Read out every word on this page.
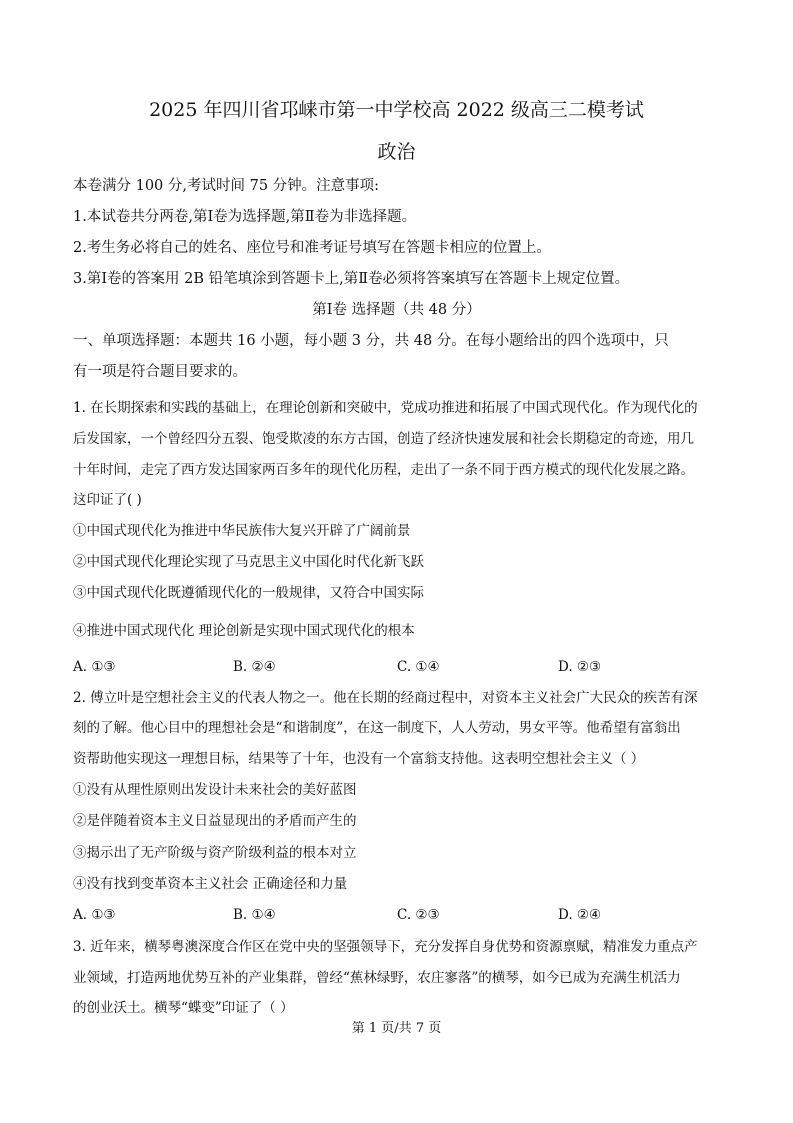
2025 年四川省邛崃市第一中学校高 2022 级高三二模考试
政治
本卷满分 100 分,考试时间 75 分钟。注意事项:
1.本试卷共分两卷,第Ⅰ卷为选择题,第Ⅱ卷为非选择题。
2.考生务必将自己的姓名、座位号和准考证号填写在答题卡相应的位置上。
3.第Ⅰ卷的答案用 2B 铅笔填涂到答题卡上,第Ⅱ卷必须将答案填写在答题卡上规定位置。
第Ⅰ卷 选择题（共 48 分）
一、单项选择题：本题共 16 小题，每小题 3 分，共 48 分。在每小题给出的四个选项中，只
有一项是符合题目要求的。
1. 在长期探索和实践的基础上，在理论创新和突破中，党成功推进和拓展了中国式现代化。作为现代化的
后发国家，一个曾经四分五裂、饱受欺凌的东方古国，创造了经济快速发展和社会长期稳定的奇迹，用几
十年时间，走完了西方发达国家两百多年的现代化历程，走出了一条不同于西方模式的现代化发展之路。
这印证了( )
①中国式现代化为推进中华民族伟大复兴开辟了广阔前景
②中国式现代化理论实现了马克思主义中国化时代化新飞跃
③中国式现代化既遵循现代化的一般规律，又符合中国实际
④推进中国式现代化 理论创新是实现中国式现代化的根本
A. ①③	B. ②④	C. ①④	D. ②③
2. 傅立叶是空想社会主义的代表人物之一。他在长期的经商过程中，对资本主义社会广大民众的疾苦有深
刻的了解。他心目中的理想社会是“和谐制度”，在这一制度下，人人劳动，男女平等。他希望有富翁出
资帮助他实现这一理想目标，结果等了十年，也没有一个富翁支持他。这表明空想社会主义（ ）
①没有从理性原则出发设计未来社会的美好蓝图
②是伴随着资本主义日益显现出的矛盾而产生的
③揭示出了无产阶级与资产阶级利益的根本对立
④没有找到变革资本主义社会 正确途径和力量
A. ①③	B. ①④	C. ②③	D. ②④
3. 近年来，横琴粤澳深度合作区在党中央的坚强领导下，充分发挥自身优势和资源禀赋，精准发力重点产
业领域，打造两地优势互补的产业集群，曾经“蕉林绿野，农庄寥落”的横琴，如今已成为充满生机活力
的创业沃土。横琴“蝶变”印证了（ ）
第 1 页/共 7 页
